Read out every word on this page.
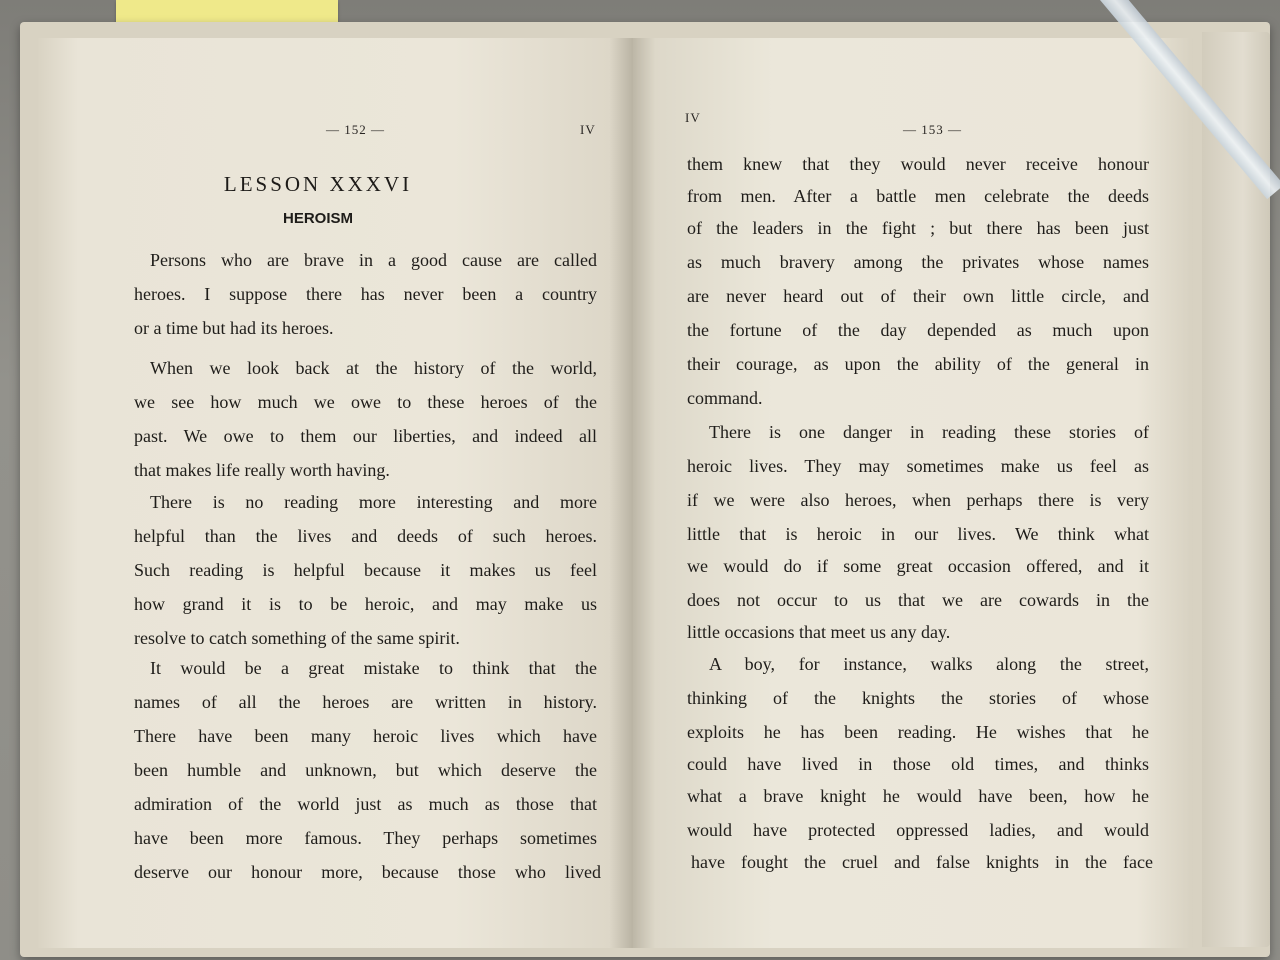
— 152 —	IV
LESSON XXXVI
HEROISM
Persons who are brave in a good cause are called
heroes. I suppose there has never been a country
or a time but had its heroes.
When we look back at the history of the world,
we see how much we owe to these heroes of the
past. We owe to them our liberties, and indeed all
that makes life really worth having.
There is no reading more interesting and more
helpful than the lives and deeds of such heroes.
Such reading is helpful because it makes us feel
how grand it is to be heroic, and may make us
resolve to catch something of the same spirit.
It would be a great mistake to think that the
names of all the heroes are written in history.
There have been many heroic lives which have
been humble and unknown, but which deserve the
admiration of the world just as much as those that
have been more famous. They perhaps sometimes
deserve our honour more, because those who lived
IV
— 153 —
them knew that they would never receive honour
from men. After a battle men celebrate the deeds
of the leaders in the fight ; but there has been just
as much bravery among the privates whose names
are never heard out of their own little circle, and
the fortune of the day depended as much upon
their courage, as upon the ability of the general in
command.
There is one danger in reading these stories of
heroic lives. They may sometimes make us feel as
if we were also heroes, when perhaps there is very
little that is heroic in our lives. We think what
we would do if some great occasion offered, and it
does not occur to us that we are cowards in the
little occasions that meet us any day.
A boy, for instance, walks along the street,
thinking of the knights the stories of whose
exploits he has been reading. He wishes that he
could have lived in those old times, and thinks
what a brave knight he would have been, how he
would have protected oppressed ladies, and would
have fought the cruel and false knights in the face
